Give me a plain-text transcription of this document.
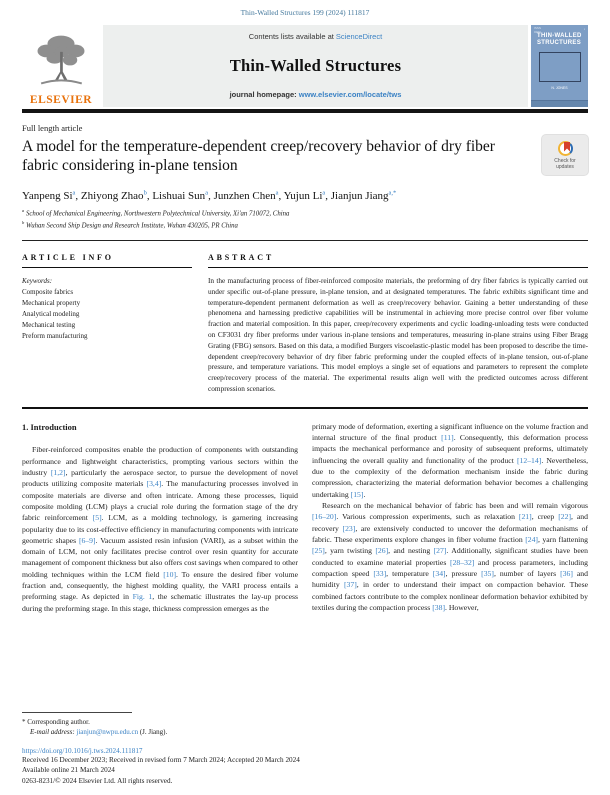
Thin-Walled Structures 199 (2024) 111817
ELSEVIER
Contents lists available at ScienceDirect
Thin-Walled Structures
journal homepage: www.elsevier.com/locate/tws
ISSN
0263
▪
THIN-WALLED
STRUCTURES
N. JONES
Full length article
A model for the temperature-dependent creep/recovery behavior of dry fiber fabric considering in-plane tension	Check for
updates
Yanpeng Si$^a$, Zhiyong Zhao$^b$, Lishuai Sun$^a$, Junzhen Chen$^a$, Yujun Li$^a$, Jianjun Jiang$^{a,*}$
$^a$ School of Mechanical Engineering, Northwestern Polytechnical University, Xi'an 710072, China
$^b$ Wuhan Second Ship Design and Research Institute, Wuhan 430205, PR China
ARTICLE INFO
Keywords:
Composite fabrics
Mechanical property
Analytical modeling
Mechanical testing
Preform manufacturing
ABSTRACT
In the manufacturing process of fiber-reinforced composite materials, the preforming of dry fiber fabrics is typically carried out under specific out-of-plane pressure, in-plane tension, and at designated temperatures. The fabric exhibits significant time and temperature-dependent permanent deformation as well as creep/recovery behavior. Gaining a better understanding of these phenomena and harnessing predictive capabilities will be instrumental in achieving more precise control over fiber volume fraction and material composition. In this paper, creep/recovery experiments and cyclic loading-unloading tests were conducted on CF3031 dry fiber preforms under various in-plane tensions and temperatures, measuring in-plane strains using Fiber Bragg Grating (FBG) sensors. Based on this data, a modified Burgers viscoelastic-plastic model has been proposed to describe the time-dependent creep/recovery behavior of dry fiber fabric preforming under the coupled effects of in-plane tension, out-of-plane pressure, and temperature variations. This model employs a single set of equations and parameters to represent the complete creep/recovery process of the material. The experimental results align well with the predicted outcomes across different compression scenarios.
1. Introduction

Fiber-reinforced composites enable the production of components with outstanding performance and lightweight characteristics, prompting various sectors within the industry [1,2], particularly the aerospace sector, to pursue the development of novel products utilizing composite materials [3,4]. The manufacturing processes involved in composite materials are diverse and often intricate. Among these processes, liquid composite molding (LCM) plays a crucial role during the formation stage of the dry fabric reinforcement [5]. LCM, as a molding technology, is garnering increasing popularity due to its cost-effective efficiency in manufacturing components with intricate geometric shapes [6–9]. Vacuum assisted resin infusion (VARI), as a subset within the domain of LCM, not only facilitates precise control over resin quantity for accurate management of component thickness but also offers cost savings when compared to other molding techniques within the LCM field [10]. To ensure the desired fiber volume fraction and, consequently, the highest molding quality, the VARI process entails a preforming stage. As depicted in Fig. 1, the schematic illustrates the lay-up process during the preforming stage. In this stage, thickness compression emerges as the

primary mode of deformation, exerting a significant influence on the volume fraction and internal structure of the final product [11]. Consequently, this deformation process impacts the mechanical performance and porosity of subsequent preforms, ultimately influencing the overall quality and functionality of the product [12–14]. Nevertheless, due to the complexity of the deformation mechanism inside the fabric during compression, characterizing the material deformation behavior becomes a challenging undertaking [15].

Research on the mechanical behavior of fabric has been and will remain vigorous [16–20]. Various compression experiments, such as relaxation [21], creep [22], and recovery [23], are extensively conducted to uncover the deformation mechanisms of fabric. These experiments explore changes in fiber volume fraction [24], yarn flattening [25], yarn twisting [26], and nesting [27]. Additionally, significant studies have been conducted to examine material properties [28–32] and process parameters, including compaction speed [33], temperature [34], pressure [35], number of layers [36] and humidity [37], in order to understand their impact on compaction behavior. These combined factors contribute to the complex nonlinear deformation behavior exhibited by textiles during the compaction process [38]. However,

* Corresponding author.
E-mail address: jianjun@nwpu.edu.cn (J. Jiang).
https://doi.org/10.1016/j.tws.2024.111817
Received 16 December 2023; Received in revised form 7 March 2024; Accepted 20 March 2024
Available online 21 March 2024
0263-8231/© 2024 Elsevier Ltd. All rights reserved.
